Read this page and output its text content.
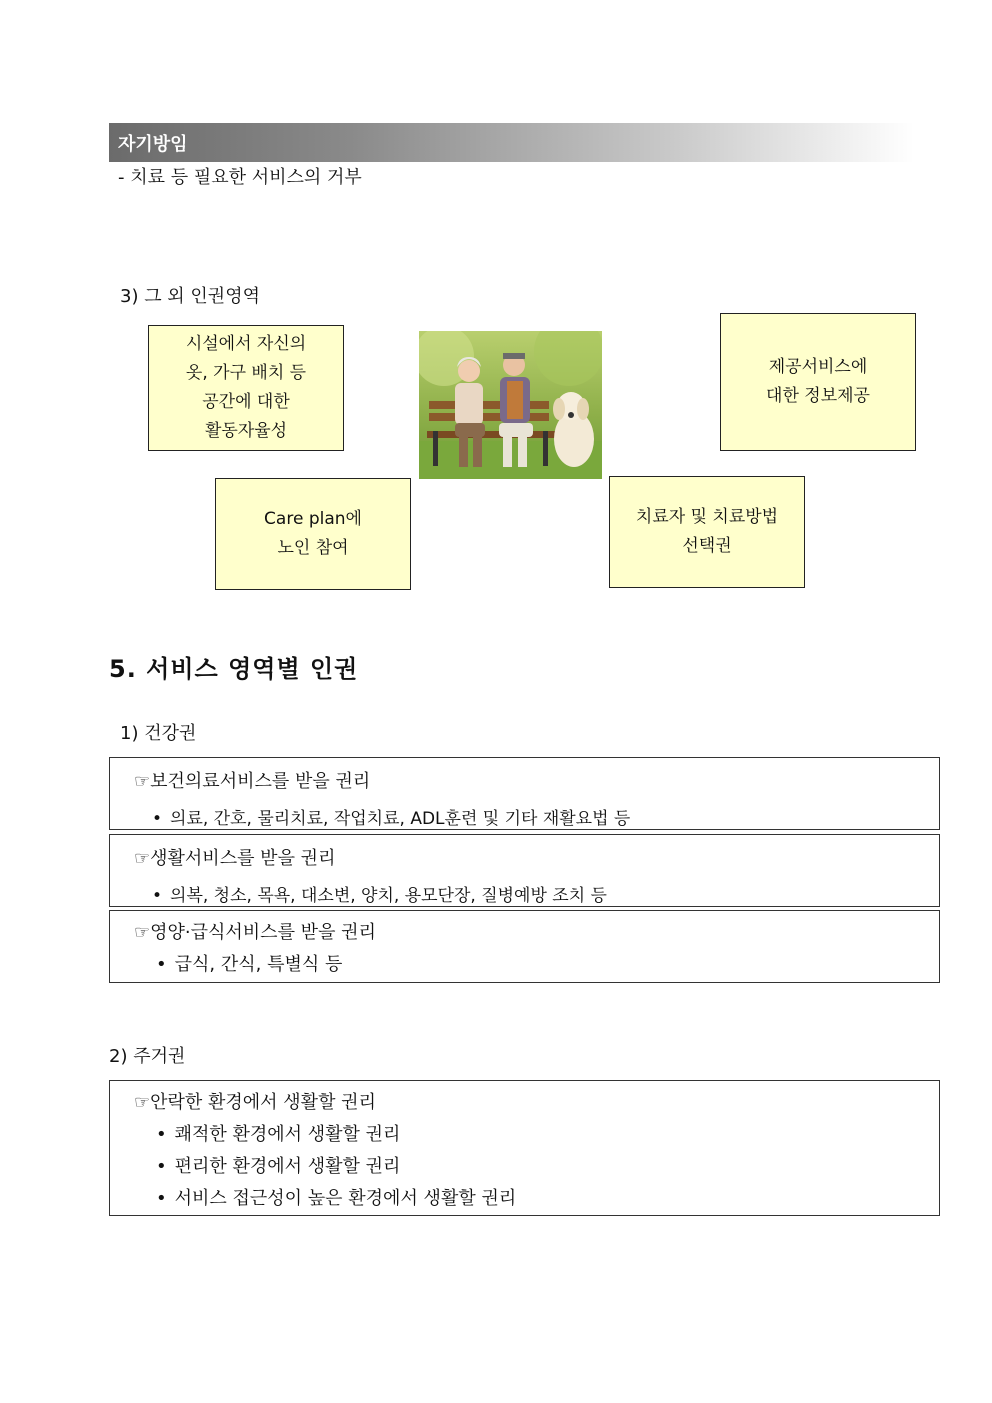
자기방임
- 치료 등 필요한 서비스의 거부
3) 그 외 인권영역
시설에서 자신의
옷, 가구 배치 등
공간에 대한
활동자율성
제공서비스에
대한 정보제공
Care plan에
노인 참여
치료자 및 치료방법
선택권
5. 서비스 영역별 인권
1) 건강권
☞보건의료서비스를 받을 권리
• 의료, 간호, 물리치료, 작업치료, ADL훈련 및 기타 재활요법 등
☞생활서비스를 받을 권리
• 의복, 청소, 목욕, 대소변, 양치, 용모단장, 질병예방 조치 등
☞영양·급식서비스를 받을 권리
• 급식, 간식, 특별식 등
2) 주거권
☞안락한 환경에서 생활할 권리
• 쾌적한 환경에서 생활할 권리
• 편리한 환경에서 생활할 권리
• 서비스 접근성이 높은 환경에서 생활할 권리
